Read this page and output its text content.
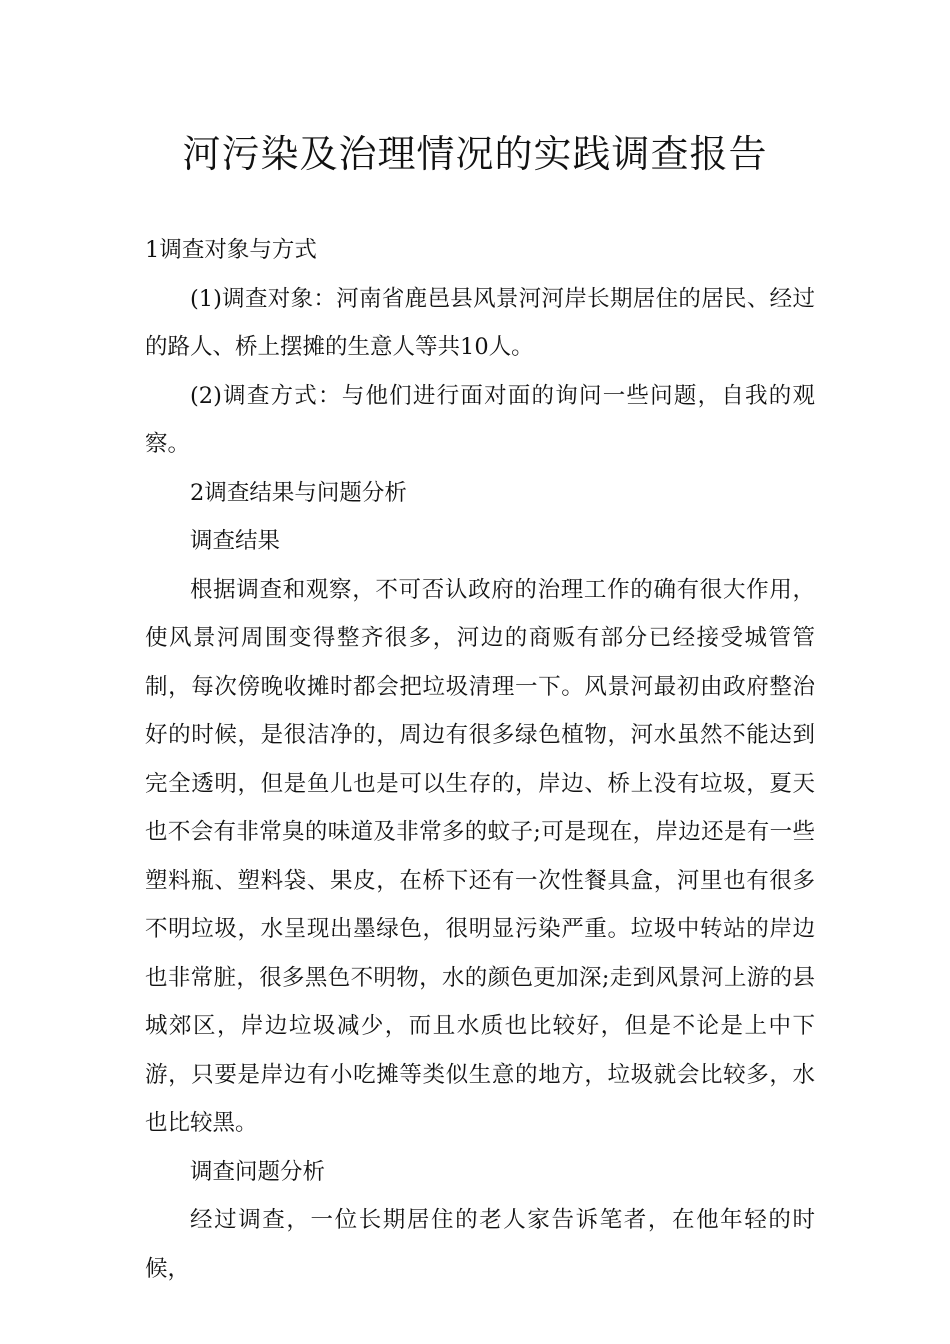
河污染及治理情况的实践调查报告

1调查对象与方式

(1)调查对象：河南省鹿邑县风景河河岸长期居住的居民、经过的路人、桥上摆摊的生意人等共10人。

(2)调查方式：与他们进行面对面的询问一些问题，自我的观察。

2调查结果与问题分析

调查结果

根据调查和观察，不可否认政府的治理工作的确有很大作用，使风景河周围变得整齐很多，河边的商贩有部分已经接受城管管制，每次傍晚收摊时都会把垃圾清理一下。风景河最初由政府整治好的时候，是很洁净的，周边有很多绿色植物，河水虽然不能达到完全透明，但是鱼儿也是可以生存的，岸边、桥上没有垃圾，夏天也不会有非常臭的味道及非常多的蚊子;可是现在，岸边还是有一些塑料瓶、塑料袋、果皮，在桥下还有一次性餐具盒，河里也有很多不明垃圾，水呈现出墨绿色，很明显污染严重。垃圾中转站的岸边也非常脏，很多黑色不明物，水的颜色更加深;走到风景河上游的县城郊区，岸边垃圾减少，而且水质也比较好，但是不论是上中下游，只要是岸边有小吃摊等类似生意的地方，垃圾就会比较多，水也比较黑。

调查问题分析

经过调查，一位长期居住的老人家告诉笔者，在他年轻的时候，
